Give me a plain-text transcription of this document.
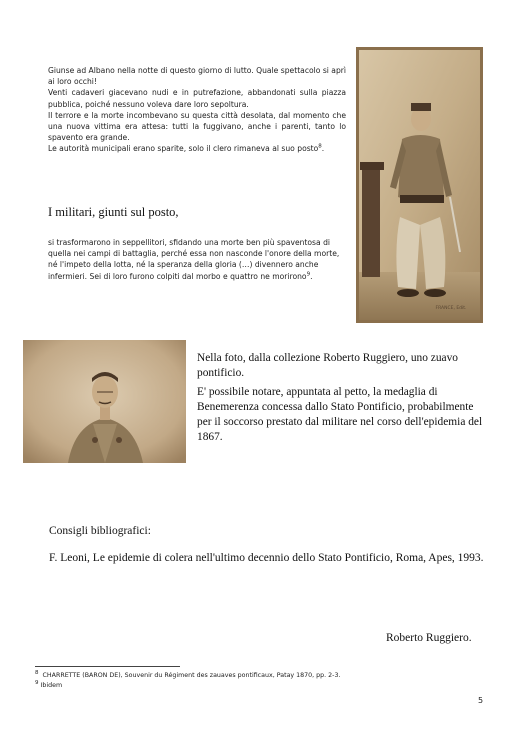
Giunse ad Albano nella notte di questo giorno di lutto. Quale spettacolo si aprì ai loro occhi!

Venti cadaveri giacevano nudi e in putrefazione, abbandonati sulla piazza pubblica, poiché nessuno voleva dare loro sepoltura.

Il terrore e la morte incombevano su questa città desolata, dal momento che una nuova vittima era attesa: tutti la fuggivano, anche i parenti, tanto lo spavento era grande.

Le autorità municipali erano sparite, solo il clero rimaneva al suo posto$^8$.

I militari, giunti sul posto,
si trasformarono in seppellitori, sfidando una morte ben più spaventosa di quella nei campi di battaglia, perché essa non nasconde l'onore della morte, né l'impeto della lotta, né la speranza della gloria (…) divennero anche infermieri. Sei di loro furono colpiti dal morbo e quattro ne morirono$^9$.
FRANCE, Edit.

Nella foto, dalla collezione Roberto Ruggiero, uno zuavo pontificio.

E' possibile notare, appuntata al petto, la medaglia di Benemerenza concessa dallo Stato Pontificio, probabilmente per il soccorso prestato dal militare nel corso dell'epidemia del 1867.

Consigli bibliografici:
F. Leoni, Le epidemie di colera nell'ultimo decennio dello Stato Pontificio, Roma, Apes, 1993.
Roberto Ruggiero.
$^8$ CHARRETTE (BARON DE), Souvenir du Régiment des zauaves pontificaux, Patay 1870, pp. 2-3.
$^9$ Ibidem
5
